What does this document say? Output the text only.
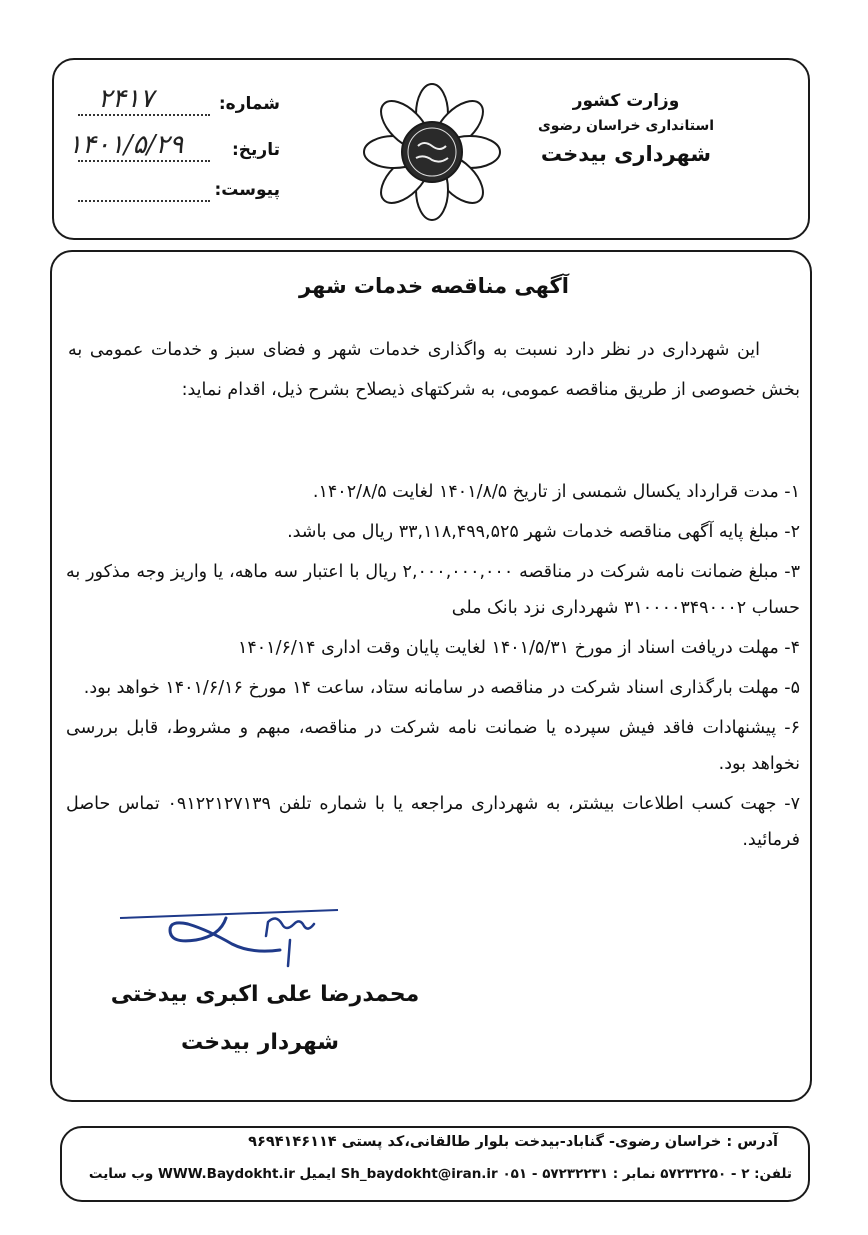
وزارت کشور
استانداری خراسان رضوی
شهرداری بیدخت
شماره:
۲۴۱۷
تاریخ:
۱۴۰۱/۵/۲۹
پیوست:
آگهی مناقصه خدمات شهر
این شهرداری در نظر دارد نسبت به واگذاری خدمات شهر و فضای سبز و خدمات عمومی به بخش خصوصی از طریق مناقصه عمومی، به شرکتهای ذیصلاح بشرح ذیل، اقدام نماید:
۱- مدت قرارداد یکسال شمسی از تاریخ ۱۴۰۱/۸/۵ لغایت ۱۴۰۲/۸/۵.
۲- مبلغ پایه آگهی مناقصه خدمات شهر ۳۳,۱۱۸,۴۹۹,۵۲۵ ریال می باشد.
۳- مبلغ ضمانت نامه شرکت در مناقصه ۲,۰۰۰,۰۰۰,۰۰۰ ریال با اعتبار سه ماهه، یا واریز وجه مذکور به حساب ۳۱۰۰۰۰۳۴۹۰۰۰۲ شهرداری نزد بانک ملی
۴- مهلت دریافت اسناد از مورخ ۱۴۰۱/۵/۳۱ لغایت پایان وقت اداری ۱۴۰۱/۶/۱۴
۵- مهلت بارگذاری اسناد شرکت در مناقصه در سامانه ستاد، ساعت ۱۴ مورخ ۱۴۰۱/۶/۱۶ خواهد بود.
۶- پیشنهادات فاقد فیش سپرده یا ضمانت نامه شرکت در مناقصه، مبهم و مشروط، قابل بررسی نخواهد بود.
۷- جهت کسب اطلاعات بیشتر، به شهرداری مراجعه یا با شماره تلفن ۰۹۱۲۲۱۲۷۱۳۹ تماس حاصل فرمائید.
محمدرضا علی اکبری بیدختی
شهردار بیدخت
آدرس : خراسان رضوی- گناباد-بیدخت بلوار طالقانی،کد پستی ۹۶۹۴۱۴۶۱۱۴
تلفن: ۲ - ۵۷۲۳۲۲۵۰ نمابر : ۵۷۲۳۲۲۳۱ - ۰۵۱ Sh_baydokht@iran.ir ایمیل WWW.Baydokht.ir وب سایت
